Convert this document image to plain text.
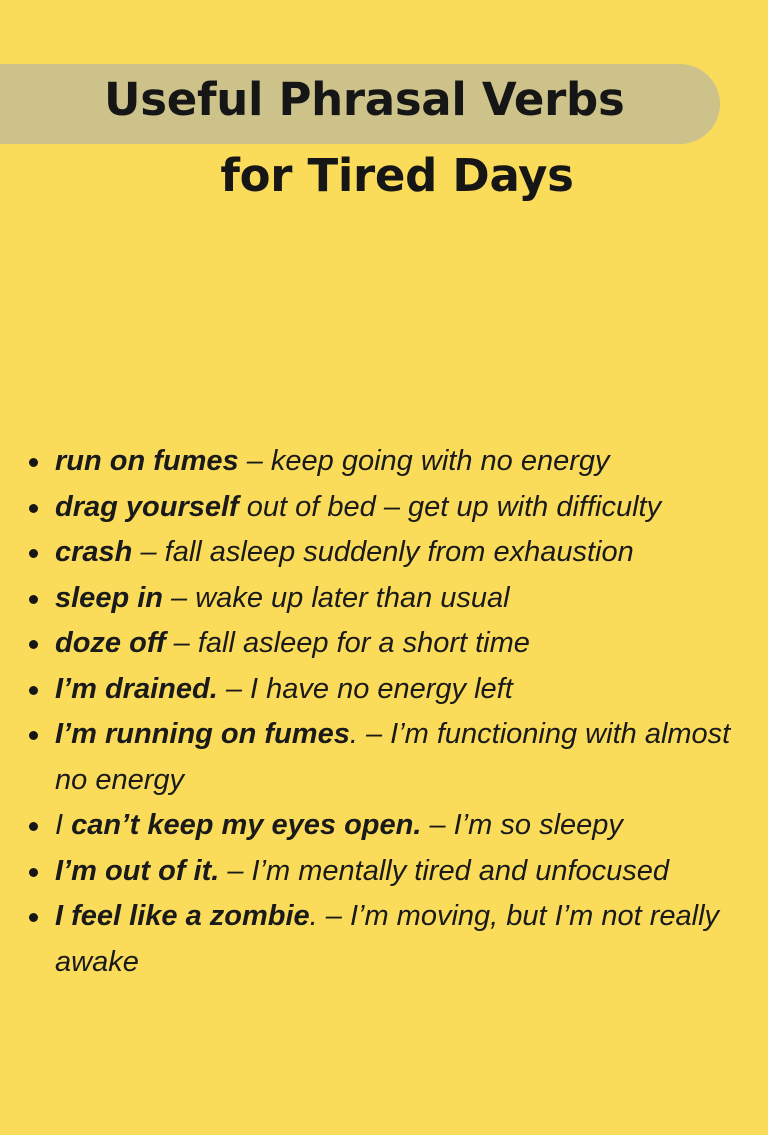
Useful Phrasal Verbs
for Tired Days
run on fumes – keep going with no energy
drag yourself out of bed – get up with difficulty
crash – fall asleep suddenly from exhaustion
sleep in – wake up later than usual
doze off – fall asleep for a short time
I’m drained. – I have no energy left
I’m running on fumes. – I’m functioning with almost no energy
I can’t keep my eyes open. – I’m so sleepy
I’m out of it. – I’m mentally tired and unfocused
I feel like a zombie. – I’m moving, but I’m not really awake
